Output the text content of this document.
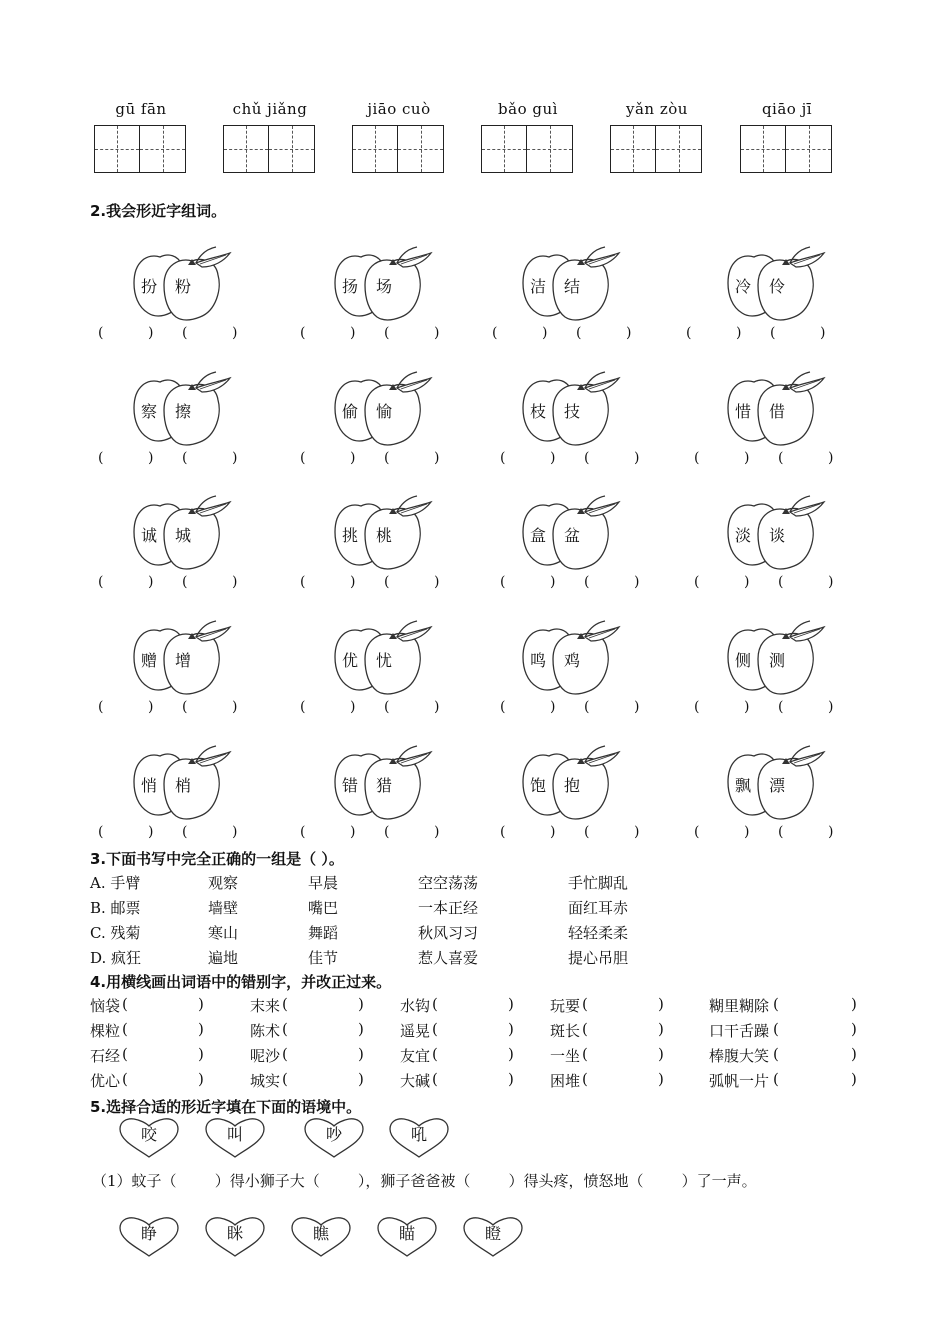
gū fān	chǔ jiǎng	jiāo cuò	bǎo guì	yǎn zòu	qiāo jī
2.我会形近字组词。
扮 粉	扬 场	洁 结	冷 伶
(          ) (          )	(          ) (          )	(          ) (          )	(          ) (          )
察 擦	偷 愉	枝 技	惜 借
(          ) (          )	(          ) (          )	(          ) (          )	(          ) (          )
诚 城	挑 桃	盒 盆	淡 谈
(          ) (          )	(          ) (          )	(          ) (          )	(          ) (          )
赠 增	优 忧	鸣 鸡	侧 测
(          ) (          )	(          ) (          )	(          ) (          )	(          ) (          )
悄 梢	错 猎	饱 抱	飘 漂
(          ) (          )	(          ) (          )	(          ) (          )	(          ) (          )
3.下面书写中完全正确的一组是（ ）。
A. 手臂	观察	早晨	空空荡荡	手忙脚乱
B. 邮票	墙壁	嘴巴	一本正经	面红耳赤
C. 残菊	寒山	舞蹈	秋风习习	轻轻柔柔
D. 疯狂	遍地	佳节	惹人喜爱	提心吊胆
4.用横线画出词语中的错别字，并改正过来。
恼袋 (	)	末来 (	) 水钩 (	) 玩要 (	)	糊里糊除 (	)
棵粒 (	)	陈术 (	) 遥晃 (	) 斑长 (	)	口干舌躁 (	)
石经 (	)	呢沙 (	) 友宜 (	) 一坐 (	)	棒腹大笑 (	)
优心 (	)	城实 (	) 大碱 (	) 困堆 (	)	弧帆一片 (	)
5.选择合适的形近字填在下面的语境中。
咬	叫	吵	吼
睁	眯	瞧	瞄	瞪
（1）蚊子（        ）得小狮子大（        ），狮子爸爸被（        ）得头疼，愤怒地（        ）了一声。
